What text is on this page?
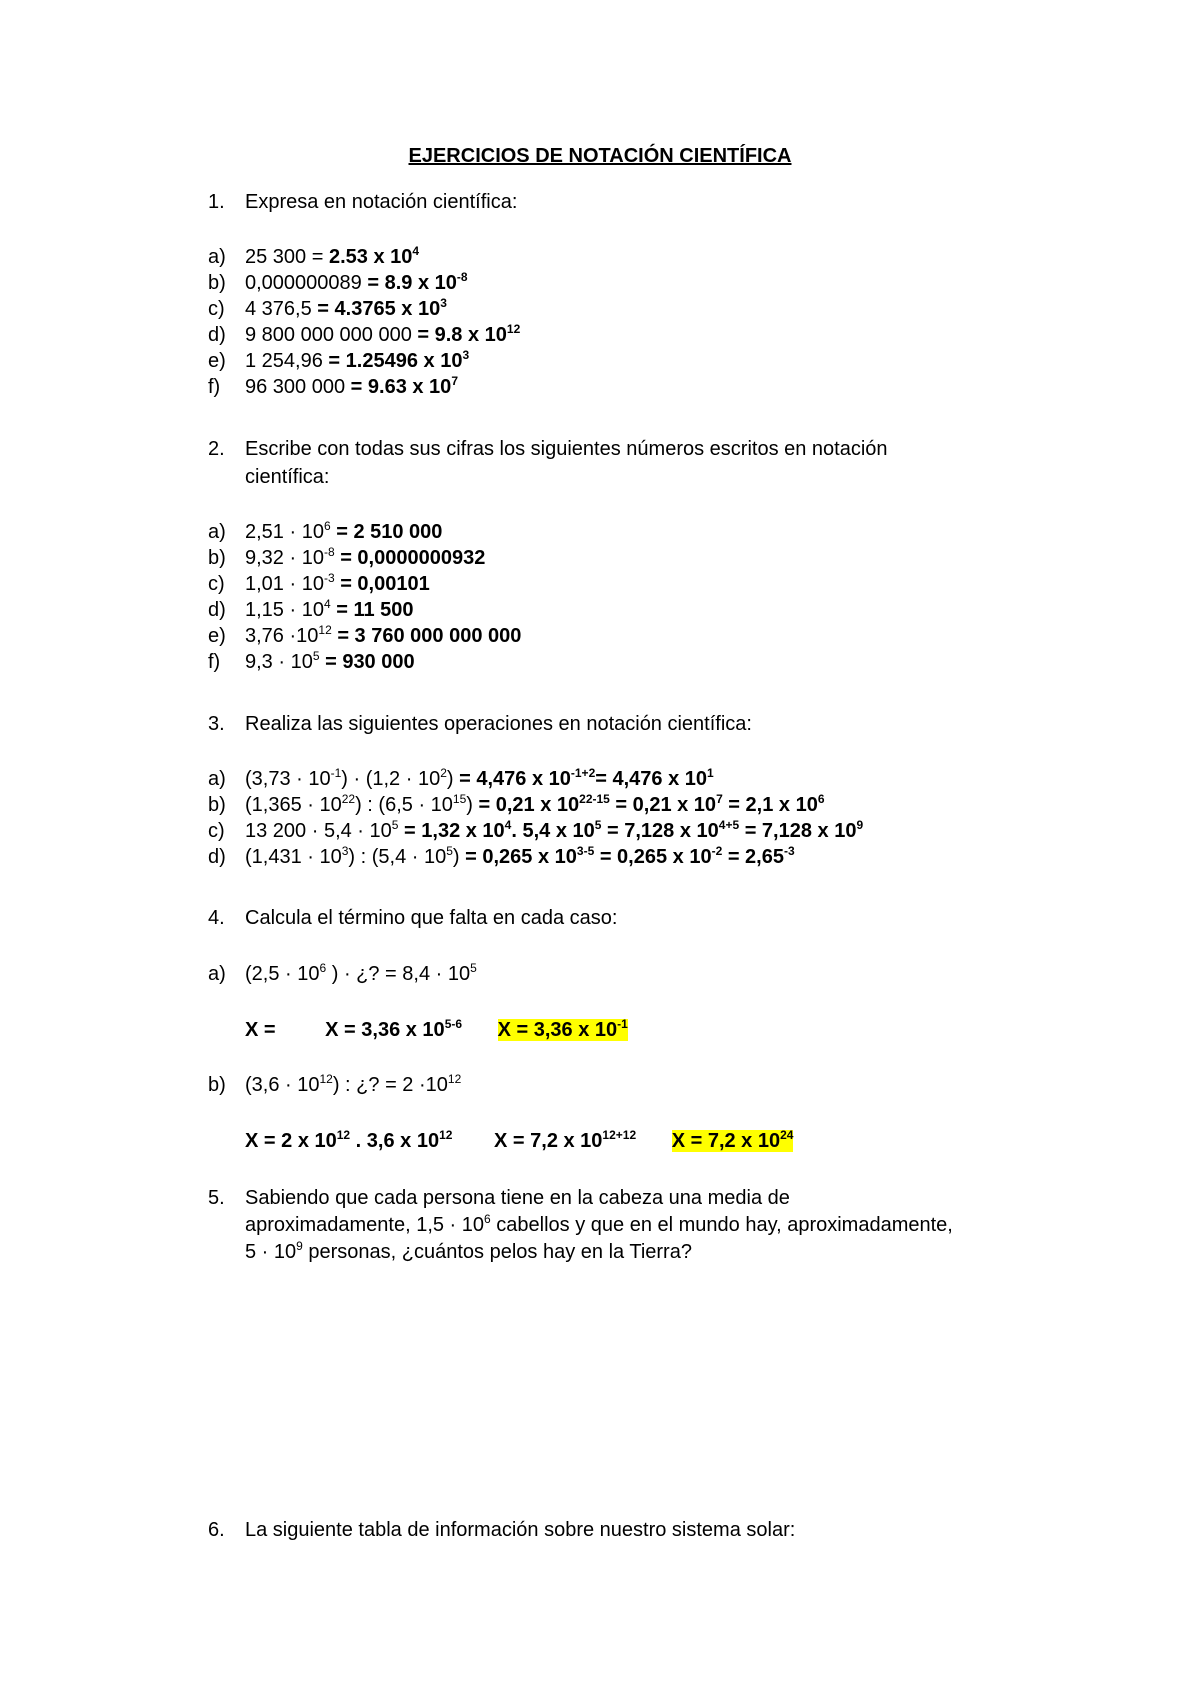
EJERCICIOS DE NOTACIÓN CIENTÍFICA
1. Expresa en notación científica:
a) 25 300 = 2.53 x $10^4$
b) 0,000000089 = 8.9 x $10^{-8}$
c) 4 376,5 = 4.3765 x $10^3$
d) 9 800 000 000 000 = 9.8 x $10^{12}$
e) 1 254,96 = 1.25496 x $10^3$
f) 96 300 000 = 9.63 x $10^7$
2. Escribe con todas sus cifras los siguientes números escritos en notación
científica:
a) $2,51 \cdot 10^6 = 2$ 510 000
b) $9,32 \cdot 10^{-8} = 0,0000000932$
c) $1,01 \cdot 10^{-3} = 0,00101$
d) $1,15 \cdot 10^4 = 11$ 500
e) $3,76 \cdot 10^{12} = 3$ 760 000 000 000
f) $9,3 \cdot 10^5 = 930$ 000
3. Realiza las siguientes operaciones en notación científica:
a) $(3,73 \cdot 10^{-1}) \cdot (1,2 \cdot 10^2) = 4,476$ x $10^{-1+2}= 4,476$ x $10^1$
b) $(1,365 \cdot 10^{22})$ : $(6,5 \cdot 10^{15}) = 0,21$ x $10^{22-15} = 0,21$ x $10^7 = 2,1$ x $10^6$
c) 13 $200 \cdot 5,4 \cdot 10^5 = 1,32$ x $10^4$. 5,4 x $10^5 = 7,128$ x $10^{4+5} = 7,128$ x $10^9$
d) $(1,431 \cdot 10^3)$ : $(5,4 \cdot 10^5) = 0,265$ x $10^{3-5} = 0,265$ x $10^{-2} = 2,65^{-3}$
4. Calcula el término que falta en cada caso:
a) ($2,5 \cdot 10^6$ ) · ¿? = $8,4 \cdot 10^5$
X = X = 3,36 x 10$^{5-6}$ X = 3,36 x $10^{-1}$
b) $(3,6 \cdot 10^{12})$ : ¿? = $2 \cdot 10^{12}$
X = 2 x $10^{12}$ . 3,6 x $10^{12}$ X = 7,2 x $10^{12+12}$ X = 7,2 x $10^{24}$
5. Sabiendo que cada persona tiene en la cabeza una media de
aproximadamente, $1,5 \cdot 10^6$ cabellos y que en el mundo hay, aproximadamente,
$5 \cdot 10^9$ personas, ¿cuántos pelos hay en la Tierra?
6. La siguiente tabla de información sobre nuestro sistema solar:
